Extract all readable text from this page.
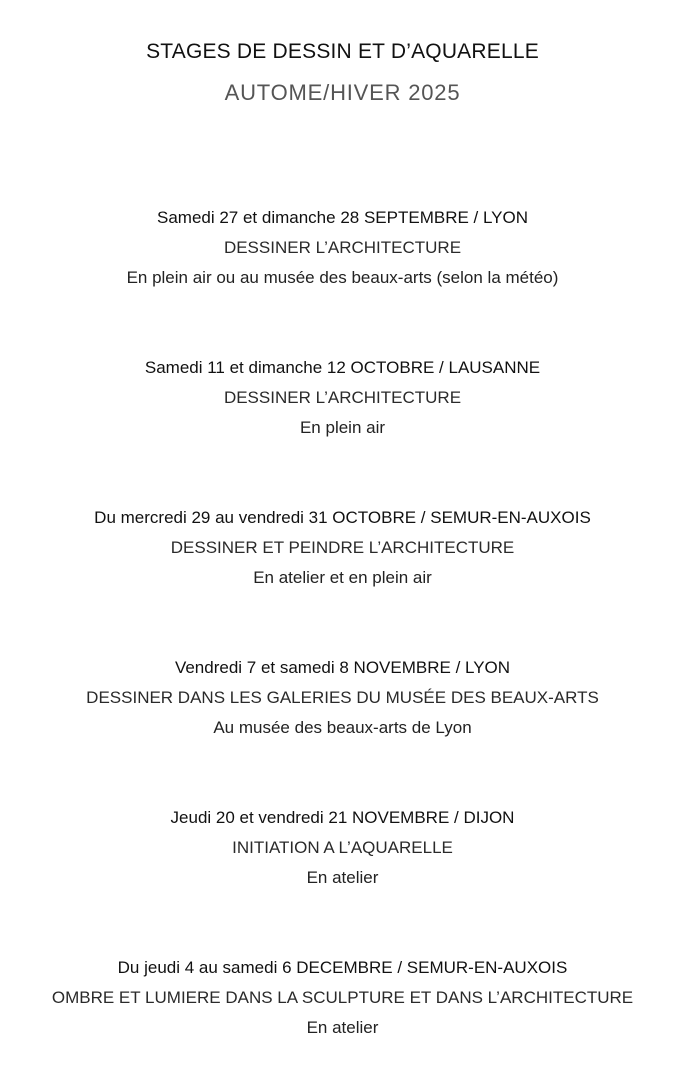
STAGES DE DESSIN ET D’AQUARELLE
AUTOME/HIVER 2025
Samedi 27 et dimanche 28 SEPTEMBRE / LYON
DESSINER L’ARCHITECTURE
En plein air ou au musée des beaux-arts (selon la météo)
Samedi 11 et dimanche 12 OCTOBRE / LAUSANNE
DESSINER L’ARCHITECTURE
En plein air
Du mercredi 29 au vendredi 31 OCTOBRE / SEMUR-EN-AUXOIS
DESSINER ET PEINDRE L’ARCHITECTURE
En atelier et en plein air
Vendredi 7 et samedi 8 NOVEMBRE / LYON
DESSINER DANS LES GALERIES DU MUSÉE DES BEAUX-ARTS
Au musée des beaux-arts de Lyon
Jeudi 20 et vendredi 21 NOVEMBRE / DIJON
INITIATION A L’AQUARELLE
En atelier
Du jeudi 4 au samedi 6 DECEMBRE / SEMUR-EN-AUXOIS
OMBRE ET LUMIERE DANS LA SCULPTURE ET DANS L’ARCHITECTURE
En atelier
